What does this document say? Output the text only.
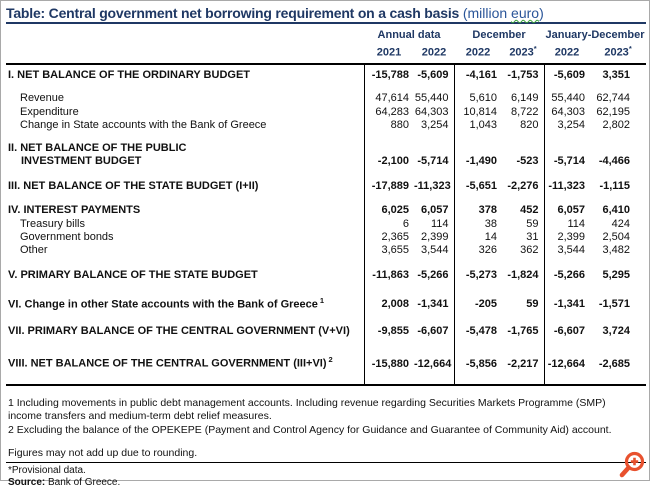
Table: Central government net borrowing requirement on a cash basis (million euro)
	Annual data		December		January-December	
	2021	2022	2022	2023*	2022	2023*
I. NET BALANCE OF THE ORDINARY BUDGET	-15,788	-5,609	-4,161	-1,753	-5,609	3,351
Revenue	47,614	55,440	5,610	6,149	55,440	62,744
Expenditure	64,283	64,303	10,814	8,722	64,303	62,195
Change in State accounts with the Bank of Greece	880	3,254	1,043	820	3,254	2,802

II. NET BALANCE OF THE PUBLIC
INVESTMENT BUDGET	-2,100	-5,714	-1,490	-523	-5,714	-4,466
III. NET BALANCE OF THE STATE BUDGET (I+II)	-17,889	-11,323	-5,651	-2,276	-11,323	-1,115
IV. INTEREST PAYMENTS	6,025	6,057	378	452	6,057	6,410
Treasury bills	6	114	38	59	114	424
Government bonds	2,365	2,399	14	31	2,399	2,504
Other	3,655	3,544	326	362	3,544	3,482
V. PRIMARY BALANCE OF THE STATE BUDGET	-11,863	-5,266	-5,273	-1,824	-5,266	5,295
VI. Change in other State accounts with the Bank of Greece $^1$	2,008	-1,341	-205	59	-1,341	-1,571
VII. PRIMARY BALANCE OF THE CENTRAL GOVERNMENT (V+VI)	-9,855	-6,607	-5,478	-1,765	-6,607	3,724
VIII. NET BALANCE OF THE CENTRAL GOVERNMENT (III+VI) $^2$	-15,880	-12,664	-5,856	-2,217	-12,664	-2,685
1 Including movements in public debt management accounts. Including revenue regarding Securities Markets Programme (SMP)
income transfers and medium-term debt relief measures.
2 Excluding the balance of the OPEKEPE (Payment and Control Agency for Guidance and Guarantee of Community Aid) account.
Figures may not add up due to rounding.
*Provisional data.
Source: Bank of Greece.
